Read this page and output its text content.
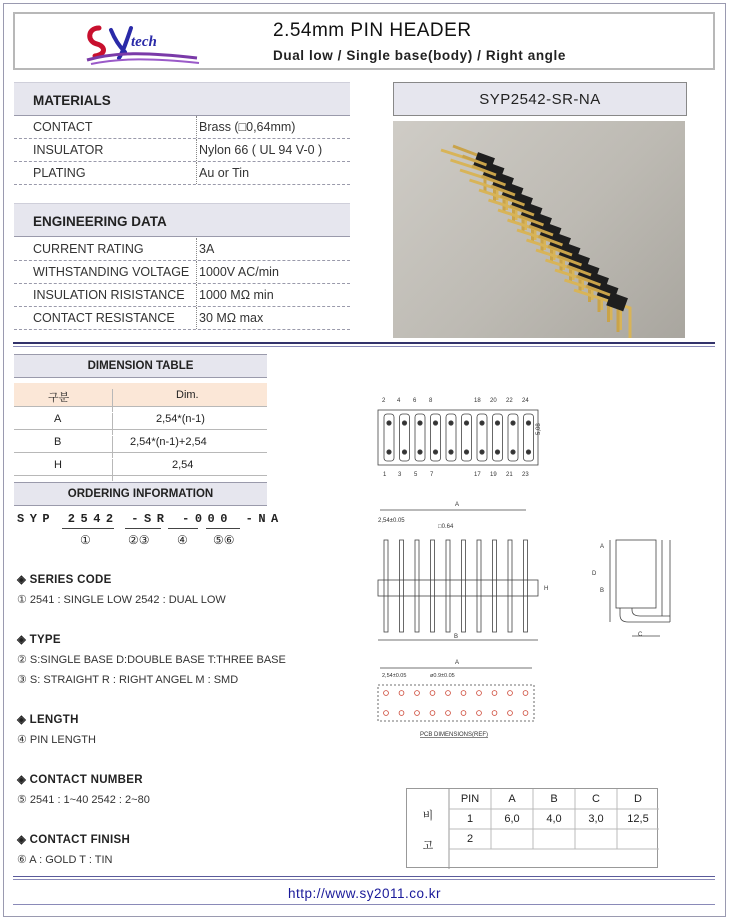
tech
2.54mm PIN HEADER
Dual low / Single base(body) / Right angle
MATERIALS
CONTACT	Brass (□0,64mm)
INSULATOR	Nylon 66 ( UL 94 V-0 )
PLATING	Au or Tin
ENGINEERING DATA
CURRENT RATING	3A
WITHSTANDING VOLTAGE 1000V AC/min
INSULATION RISISTANCE 1000 MΩ min
CONTACT RESISTANCE 30 MΩ max
SYP2542-SR-NA
DIMENSION TABLE
구분	Dim.
A	2,54*(n-1)
B	2,54*(n-1)+2,54
H	2,54
ORDERING INFORMATION
SYP 2542 -SR -000 -NA
①	②③ ④ ⑤⑥
◈ SERIES CODE
① 2541 : SINGLE LOW 2542 : DUAL LOW
◈ TYPE
② S:SINGLE BASE D:DOUBLE BASE T:THREE BASE
③ S: STRAIGHT R : RIGHT ANGEL M : SMD
◈ LENGTH
④ PIN LENGTH
◈ CONTACT NUMBER
⑤ 2541 : 1~40 2542 : 2~80
◈ CONTACT FINISH
⑥ A : GOLD T : TIN
2 4 6 8	18 20 22 24
1 3 5 7	17 19 21 23
5,08
A
2,54±0.05
□0.64
H
B
A
B
D
C
A
2,54±0.05	ø0.9±0.05
PCB DIMENSIONS(REF)
비
고
PIN	A	B	C	D
1	6,0	4,0	3,0	12,5
2
http://www.sy2011.co.kr
